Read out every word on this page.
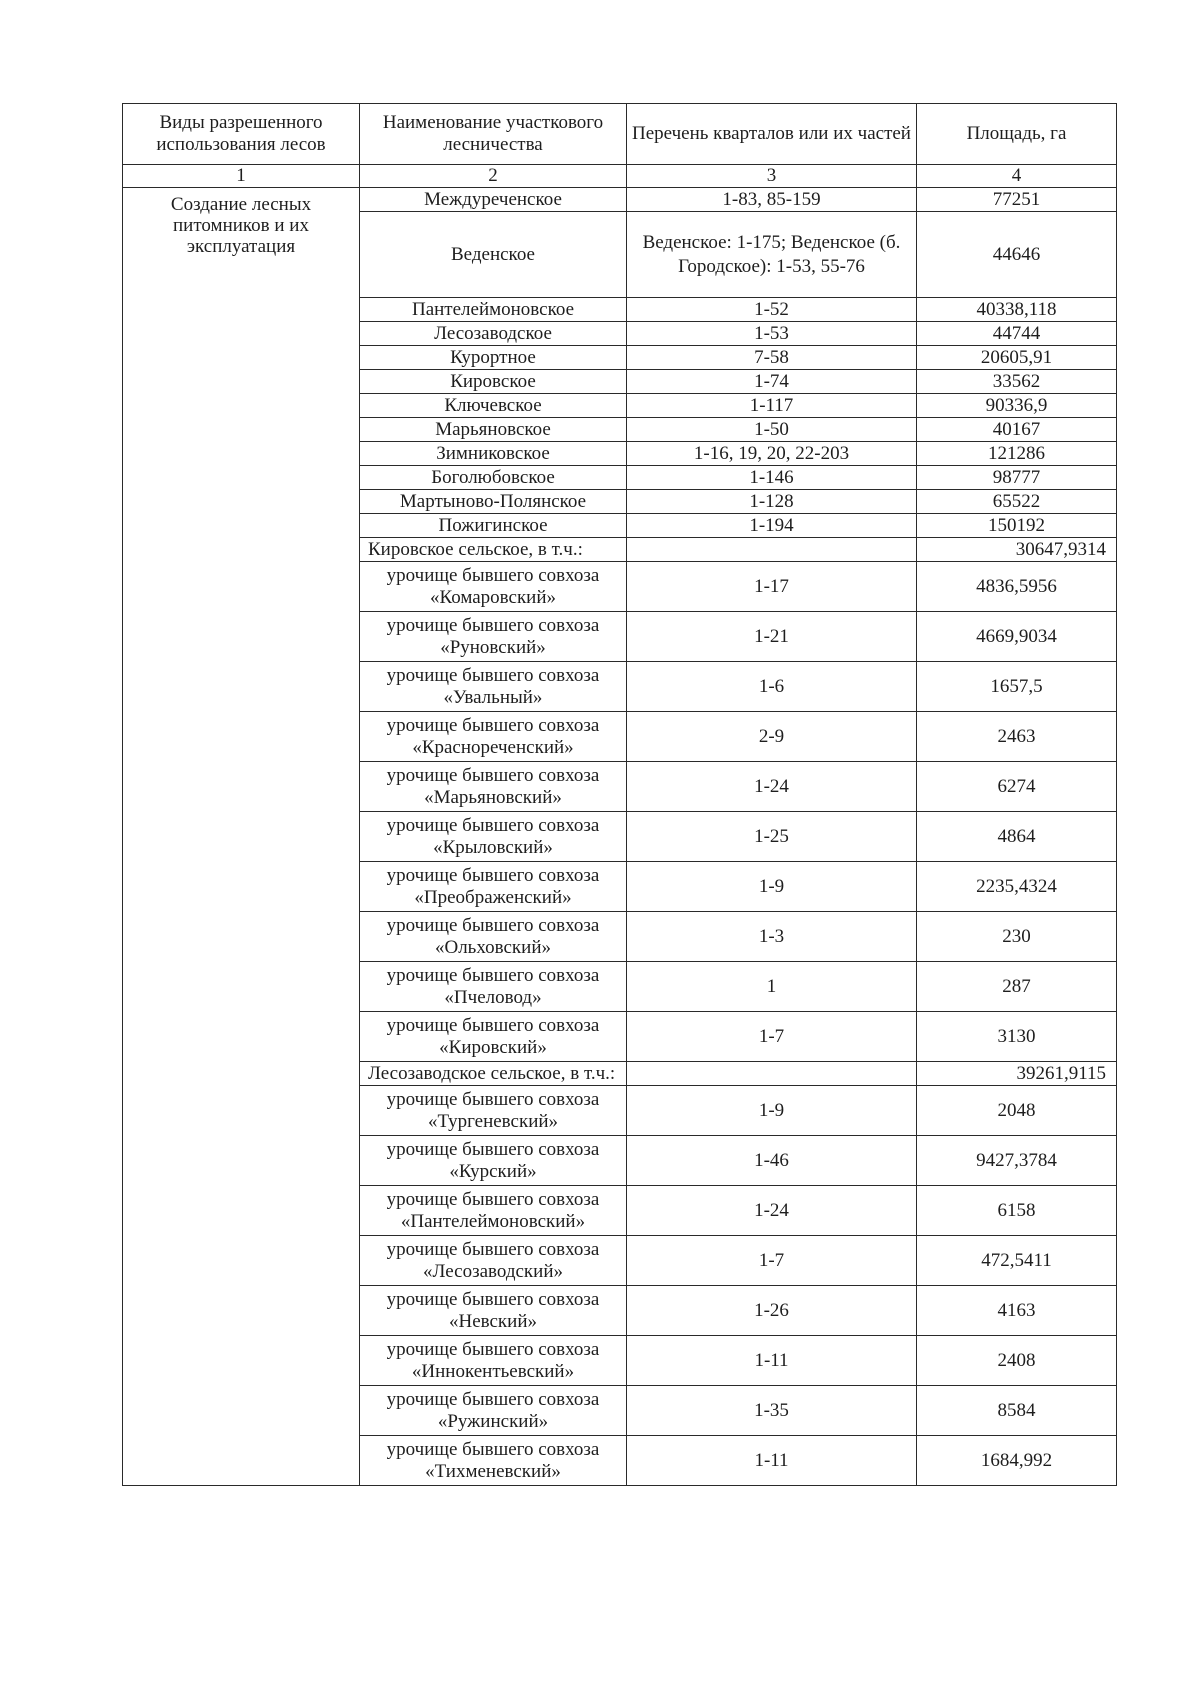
Виды разрешенного использования лесов	Наименование участкового лесничества	Перечень кварталов или их частей	Площадь, га
1	2	3	4
Создание лесных питомников и их эксплуатация	Междуреченское	1-83, 85-159	77251
	Веденское	Веденское: 1-175; Веденское (б. Городское): 1-53, 55-76	44646
	Пантелеймоновское	1-52	40338,118
	Лесозаводское	1-53	44744
	Курортное	7-58	20605,91
	Кировское	1-74	33562
	Ключевское	1-117	90336,9
	Марьяновское	1-50	40167
	Зимниковское	1-16, 19, 20, 22-203	121286
	Боголюбовское	1-146	98777
	Мартыново-Полянское	1-128	65522
	Пожигинское	1-194	150192
	Кировское сельское, в т.ч.:		30647,9314
	урочище бывшего совхоза «Комаровский»	1-17	4836,5956
	урочище бывшего совхоза «Руновский»	1-21	4669,9034
	урочище бывшего совхоза «Увальный»	1-6	1657,5
	урочище бывшего совхоза «Краснореченский»	2-9	2463
	урочище бывшего совхоза «Марьяновский»	1-24	6274
	урочище бывшего совхоза «Крыловский»	1-25	4864
	урочище бывшего совхоза «Преображенский»	1-9	2235,4324
	урочище бывшего совхоза «Ольховский»	1-3	230
	урочище бывшего совхоза «Пчеловод»	1	287
	урочище бывшего совхоза «Кировский»	1-7	3130
	Лесозаводское сельское, в т.ч.:		39261,9115
	урочище бывшего совхоза «Тургеневский»	1-9	2048
	урочище бывшего совхоза «Курский»	1-46	9427,3784
	урочище бывшего совхоза «Пантелеймоновский»	1-24	6158
	урочище бывшего совхоза «Лесозаводский»	1-7	472,5411
	урочище бывшего совхоза «Невский»	1-26	4163
	урочище бывшего совхоза «Иннокентьевский»	1-11	2408
	урочище бывшего совхоза «Ружинский»	1-35	8584
	урочище бывшего совхоза «Тихменевский»	1-11	1684,992
